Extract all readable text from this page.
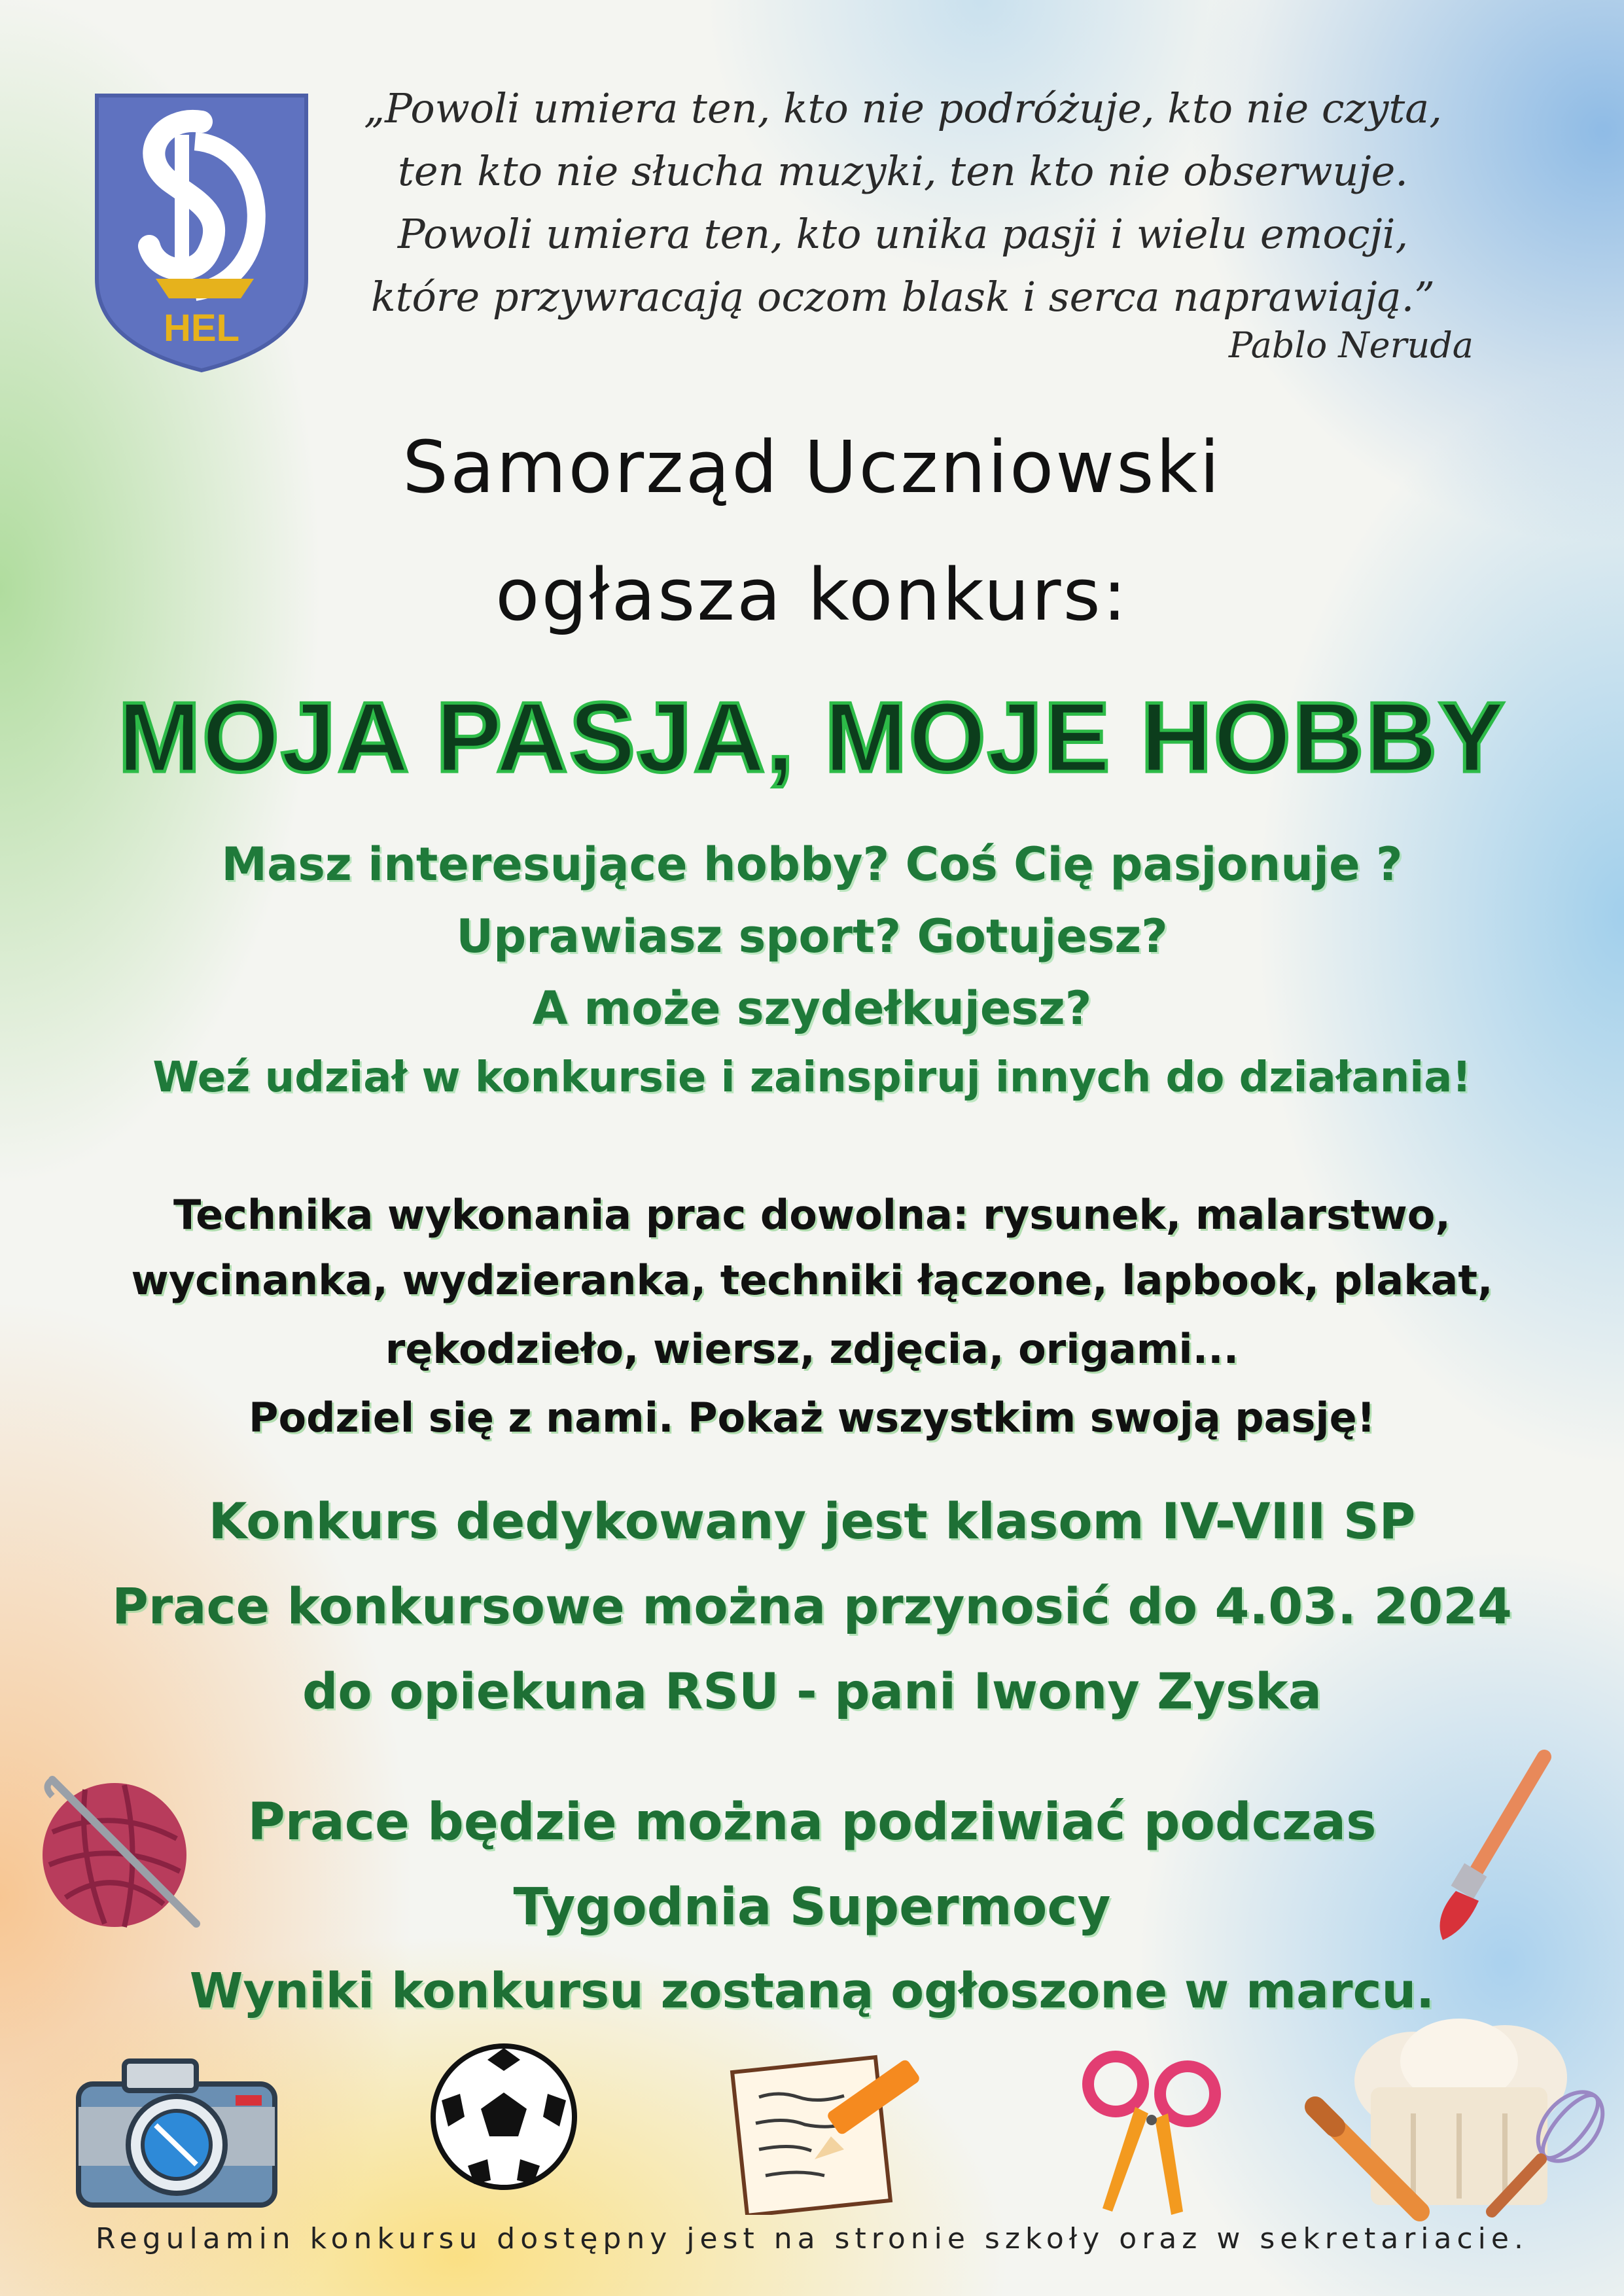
HEL
„Powoli umiera ten, kto nie podróżuje, kto nie czyta,
ten kto nie słucha muzyki, ten kto nie obserwuje.
Powoli umiera ten, kto unika pasji i wielu emocji,
które przywracają oczom blask i serca naprawiają.”
Pablo Neruda
Samorząd Uczniowski
ogłasza konkurs:
MOJA PASJA, MOJE HOBBY
Masz interesujące hobby? Coś Cię pasjonuje ?
Uprawiasz sport? Gotujesz?
A może szydełkujesz?
Weź udział w konkursie i zainspiruj innych do działania!
Technika wykonania prac dowolna: rysunek, malarstwo,
wycinanka, wydzieranka, techniki łączone, lapbook, plakat,
rękodzieło, wiersz, zdjęcia, origami...
Podziel się z nami. Pokaż wszystkim swoją pasję!
Konkurs dedykowany jest klasom IV-VIII SP
Prace konkursowe można przynosić do 4.03. 2024
do opiekuna RSU - pani Iwony Zyska
Prace będzie można podziwiać podczas
Tygodnia Supermocy
Wyniki konkursu zostaną ogłoszone w marcu.
Regulamin konkursu dostępny jest na stronie szkoły oraz w sekretariacie.
